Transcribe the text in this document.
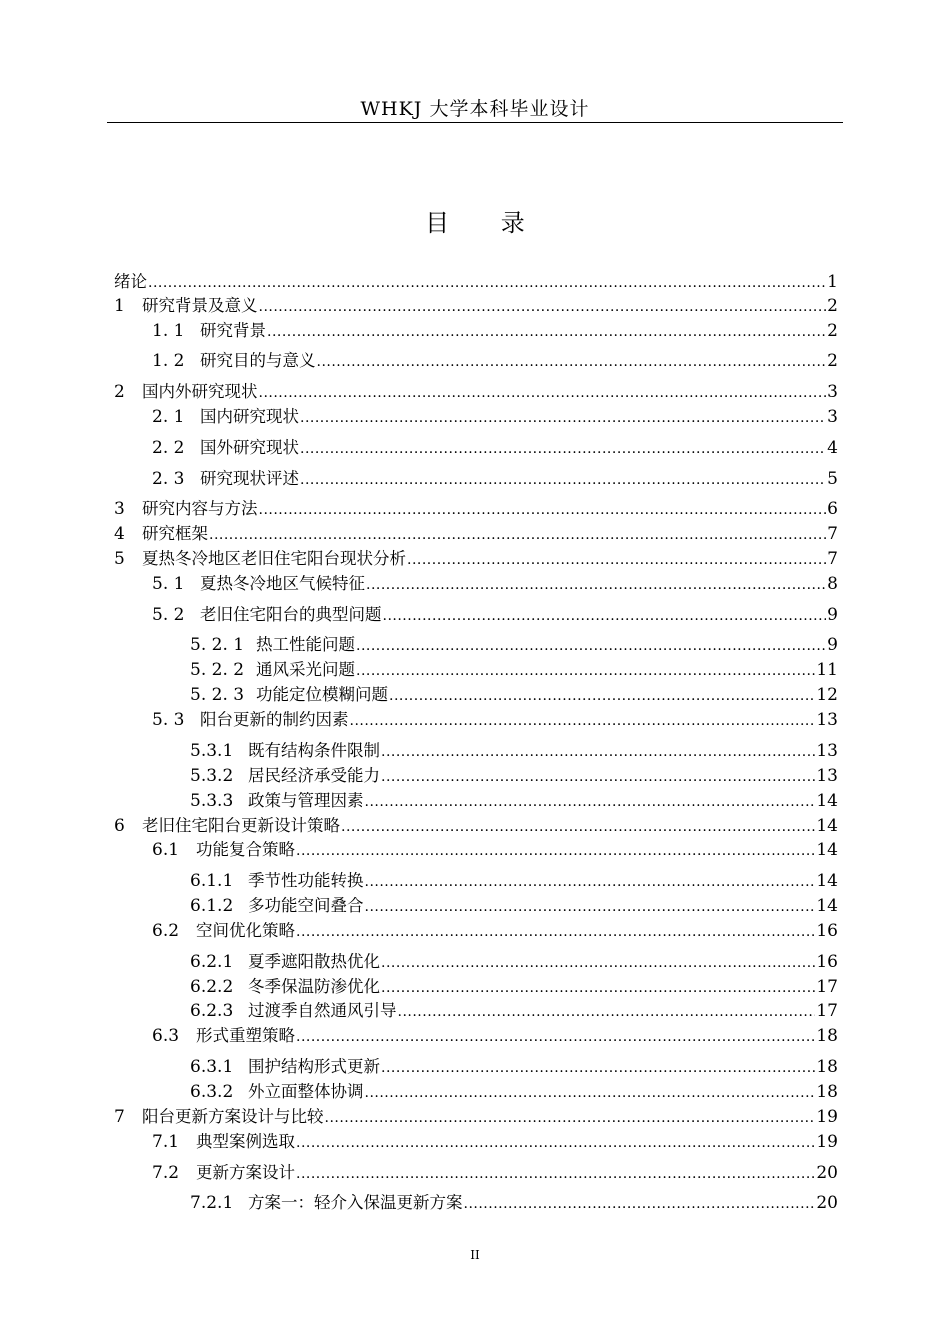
WHKJ 大学本科毕业设计
目 录
绪论 .....	1
1	研究背景及意义 .....	2
1. 1 研究背景 .....	2
1. 2 研究目的与意义 .....	2
2	国内外研究现状 .....	3
2. 1 国内研究现状 .....	3
2. 2 国外研究现状 .....	4
2. 3 研究现状评述 .....	5
3	研究内容与方法 .....	6
4	研究框架 .....	7
5	夏热冬冷地区老旧住宅阳台现状分析 .....	7
5. 1 夏热冬冷地区气候特征 .....	8
5. 2 老旧住宅阳台的典型问题 .....	9
5. 2. 1 热工性能问题 .....	9
5. 2. 2 通风采光问题 .....	11
5. 2. 3 功能定位模糊问题 .....	12
5. 3 阳台更新的制约因素 .....	13
5.3.1 既有结构条件限制 .....	13
5.3.2 居民经济承受能力 .....	13
5.3.3 政策与管理因素 .....	14
6	老旧住宅阳台更新设计策略 .....	14
6.1	功能复合策略 .....	14
6.1.1 季节性功能转换 .....	14
6.1.2 多功能空间叠合 .....	14
6.2	空间优化策略 .....	16
6.2.1 夏季遮阳散热优化 .....	16
6.2.2 冬季保温防渗优化 .....	17
6.2.3 过渡季自然通风引导 .....	17
6.3	形式重塑策略 .....	18
6.3.1 围护结构形式更新 .....	18
6.3.2 外立面整体协调 .....	18
7	阳台更新方案设计与比较 .....	19
7.1	典型案例选取 .....	19
7.2	更新方案设计 .....	20
7.2.1 方案一：轻介入保温更新方案 .....	20
II
